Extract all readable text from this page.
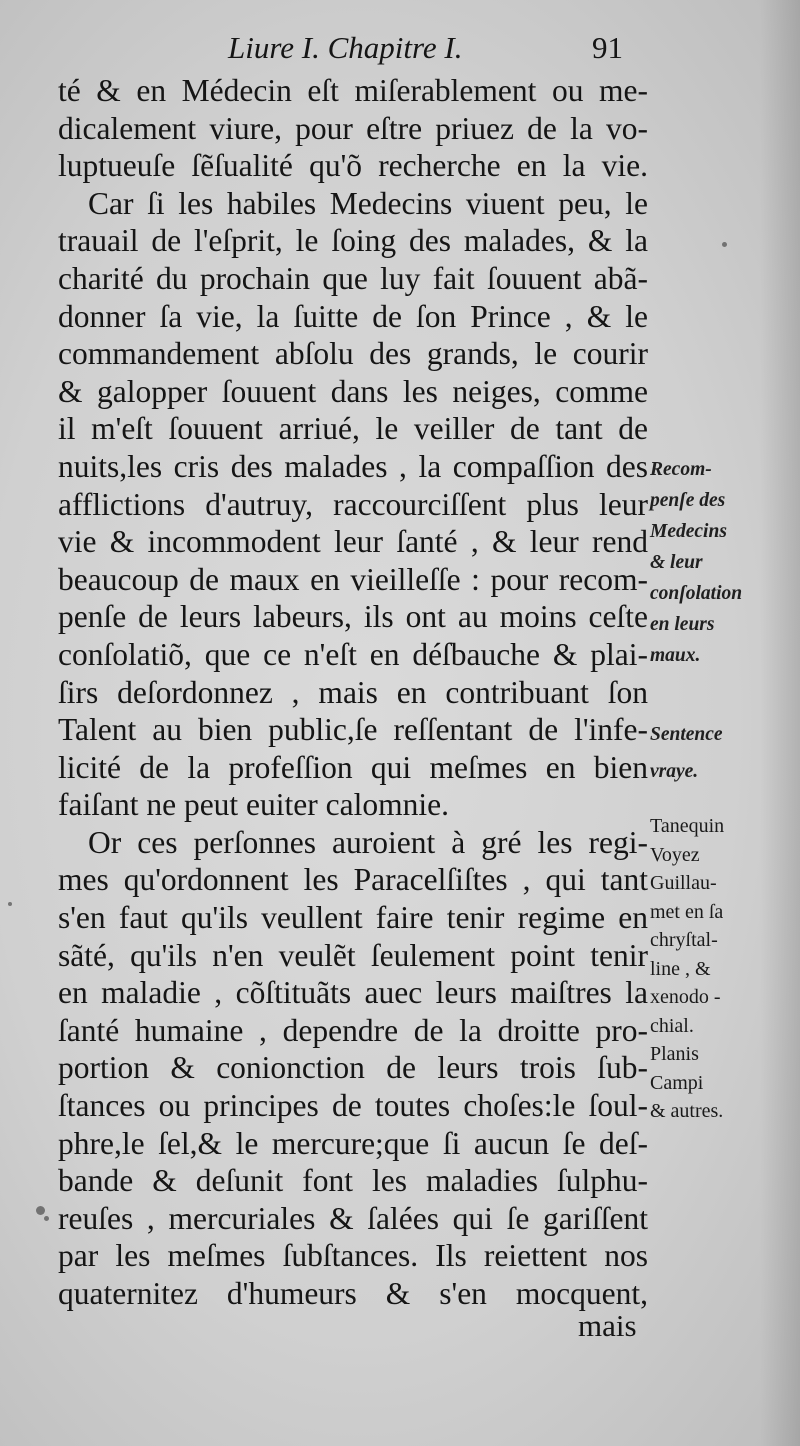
Liure I. Chapitre I.	91
té & en Médecin eſt miſerablement ou me-
dicalement viure, pour eſtre priuez de la vo-
luptueuſe ſẽſualité qu'õ recherche en la vie.
Car ſi les habiles Medecins viuent peu, le
trauail de l'eſprit, le ſoing des malades, & la
charité du prochain que luy fait ſouuent abã-
donner ſa vie, la ſuitte de ſon Prince , & le
commandement abſolu des grands, le courir
& galopper ſouuent dans les neiges, comme
il m'eſt ſouuent arriué, le veiller de tant de
nuits,les cris des malades , la compaſſion des
afflictions d'autruy, raccourciſſent plus leur
vie & incommodent leur ſanté , & leur rend
beaucoup de maux en vieilleſſe : pour recom-
penſe de leurs labeurs, ils ont au moins ceſte
conſolatiõ, que ce n'eſt en déſbauche & plai-
ſirs deſordonnez , mais en contribuant ſon
Talent au bien public,ſe reſſentant de l'infe-
licité de la profeſſion qui meſmes en bien
faiſant ne peut euiter calomnie.
Or ces perſonnes auroient à gré les regi-
mes qu'ordonnent les Paracelſiſtes , qui tant
s'en faut qu'ils veullent faire tenir regime en
sãté, qu'ils n'en veulẽt ſeulement point tenir
en maladie , cõſtituãts auec leurs maiſtres la
ſanté humaine , dependre de la droitte pro-
portion & conionction de leurs trois ſub-
ſtances ou principes de toutes choſes:le ſoul-
phre,le ſel,& le mercure;que ſi aucun ſe deſ-
bande & deſunit font les maladies ſulphu-
reuſes , mercuriales & ſalées qui ſe gariſſent
par les meſmes ſubſtances. Ils reiettent nos
quaternitez d'humeurs & s'en mocquent,
mais
Recom-
penſe des
Medecins
& leur
conſolation
en leurs
maux.
Sentence
vraye.
Tanequin
Voyez
Guillau-
met en ſa
chryſtal-
line , &
xenodo -
chial.
Planis
Campi
& autres.
